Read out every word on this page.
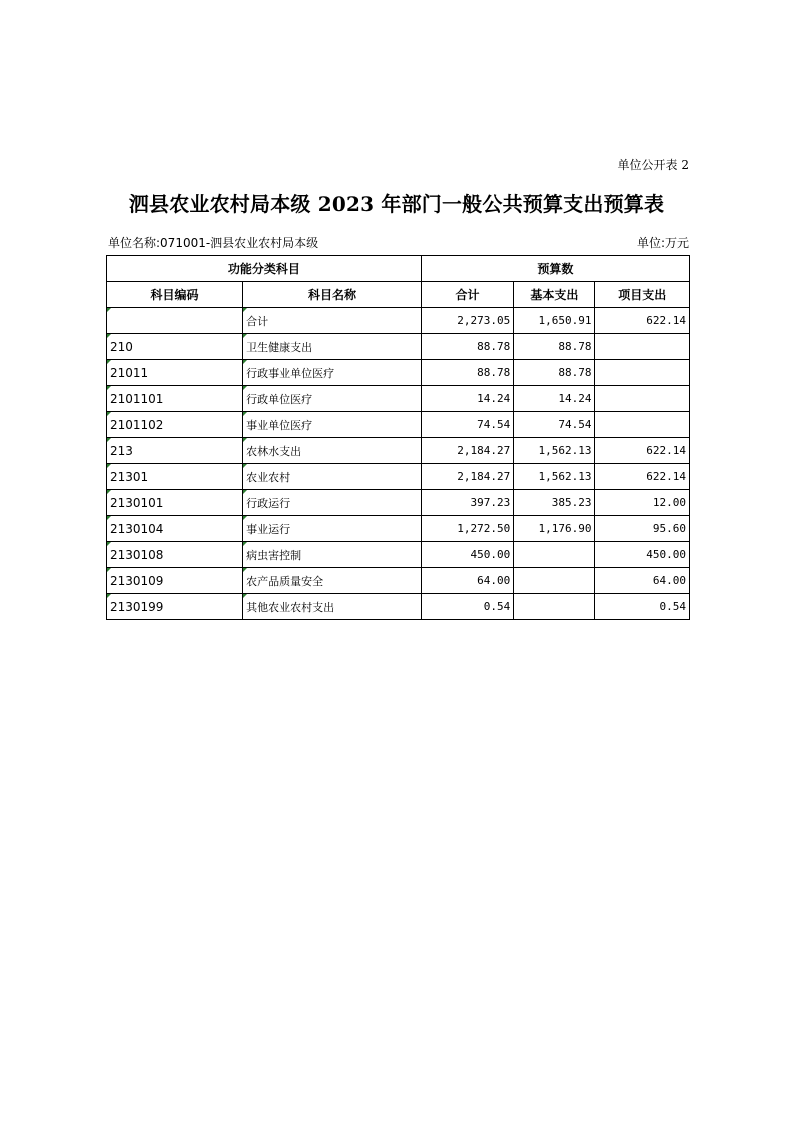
单位公开表 2
泗县农业农村局本级 2023 年部门一般公共预算支出预算表
单位名称:071001-泗县农业农村局本级	单位:万元
功能分类科目		预算数		
科目编码	科目名称	合计	基本支出	项目支出

	合计	2,273.05	1,650.91	622.14
210	卫生健康支出	88.78	88.78	
21011	行政事业单位医疗	88.78	88.78	
2101101	行政单位医疗	14.24	14.24	
2101102	事业单位医疗	74.54	74.54	
213	农林水支出	2,184.27	1,562.13	622.14
21301	农业农村	2,184.27	1,562.13	622.14
2130101	行政运行	397.23	385.23	12.00
2130104	事业运行	1,272.50	1,176.90	95.60
2130108	病虫害控制	450.00		450.00
2130109	农产品质量安全	64.00		64.00
2130199	其他农业农村支出	0.54		0.54
